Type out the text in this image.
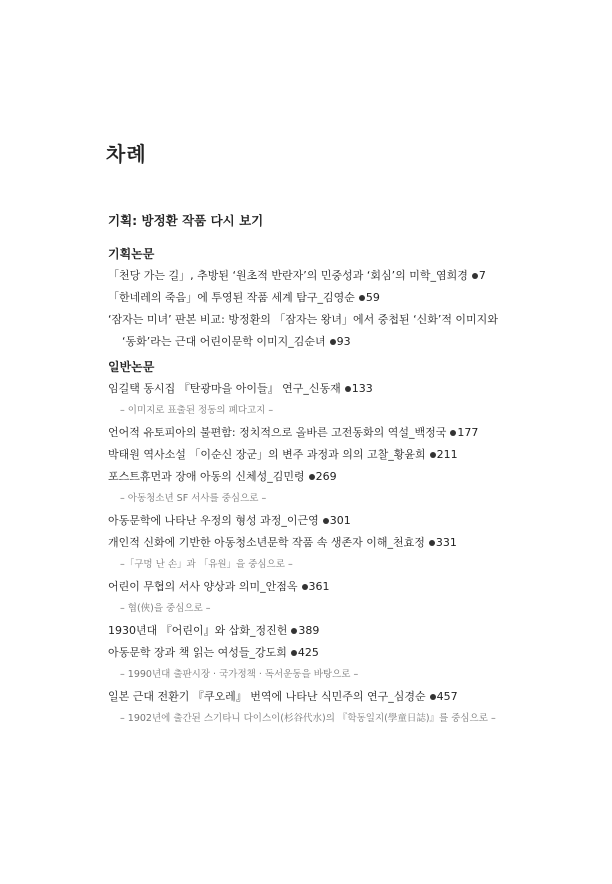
차례
기획: 방정환 작품 다시 보기
기획논문
「천당 가는 길」, 추방된 ‘원초적 반란자’의 민중성과 ‘회심’의 미학_염희경 7
「한네레의 죽음」에 투영된 작품 세계 탐구_김영순 59
‘잠자는 미녀’ 판본 비교: 방정환의 「잠자는 왕녀」에서 중첩된 ‘신화’적 이미지와
‘동화’라는 근대 어린이문학 이미지_김순녀 93
일반논문
임길택 동시집 『탄광마을 아이들』 연구_신동재 133
– 이미지로 표출된 정동의 폐다고지 –
언어적 유토피아의 불편함: 정치적으로 올바른 고전동화의 역설_백정국 177
박태원 역사소설 「이순신 장군」의 변주 과정과 의의 고찰_황윤희 211
포스트휴먼과 장애 아동의 신체성_김민령 269
– 아동청소년 SF 서사를 중심으로 –
아동문학에 나타난 우정의 형성 과정_이근영 301
개인적 신화에 기반한 아동청소년문학 작품 속 생존자 이해_천효정 331
–「구멍 난 손」과 「유원」을 중심으로 –
어린이 무협의 서사 양상과 의미_안점옥 361
– 협(俠)을 중심으로 –
1930년대 『어린이』와 삽화_정진헌 389
아동문학 장과 책 읽는 여성들_강도희 425
– 1990년대 출판시장 · 국가정책 · 독서운동을 바탕으로 –
일본 근대 전환기 『쿠오레』 번역에 나타난 식민주의 연구_심경순 457
– 1902년에 출간된 스기타니 다이스이(杉谷代水)의 『학동일지(學童日誌)』를 중심으로 –
